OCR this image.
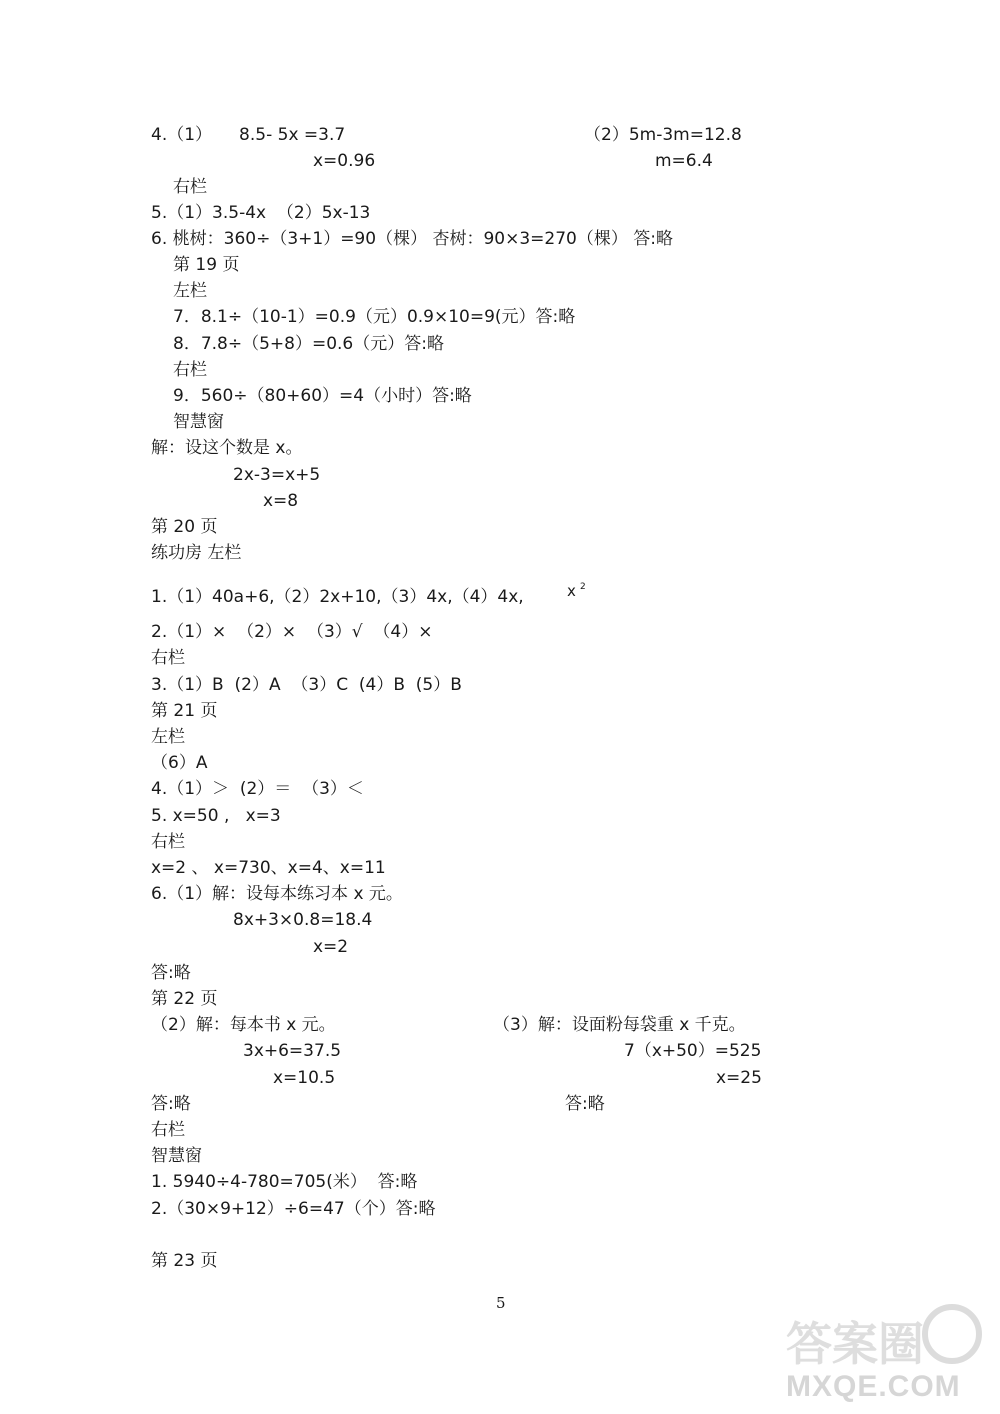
4.（1）     8.5- 5x =3.7	（2）5m-3m=12.8
x=0.96	m=6.4
右栏
5.（1）3.5-4x  （2）5x-13
6. 桃树：360÷（3+1）=90（棵） 杏树：90×3=270（棵） 答:略
第 19 页
左栏
7．8.1÷（10-1）=0.9（元）0.9×10=9(元）答:略
8．7.8÷（5+8）=0.6（元）答:略
右栏
9．560÷（80+60）=4（小时）答:略
智慧窗
解：设这个数是 x。
2x-3=x+5
x=8
第 20 页
练功房 左栏
1.（1）40a+6,（2）2x+10,（3）4x,（4）4x,
2.（1）×  （2）×  （3）√  （4）×
右栏
3.（1）B  (2）A  （3）C  (4）B  (5）B
第 21 页
左栏
（6）A
4.（1）＞  (2）＝  （3）＜
5. x=50 ,   x=3
右栏
x=2 、 x=730、x=4、x=11
6.（1）解：设每本练习本 x 元。
8x+3×0.8=18.4
x=2
答:略
第 22 页
（2）解：每本书 x 元。	（3）解：设面粉每袋重 x 千克。
3x+6=37.5	7（x+50）=525
x=10.5	x=25
答:略	答:略
右栏
智慧窗
1. 5940÷4-780=705(米）  答:略
2.（30×9+12）÷6=47（个）答:略
第 23 页
x 2
5
答案圈
MXQE.COM
